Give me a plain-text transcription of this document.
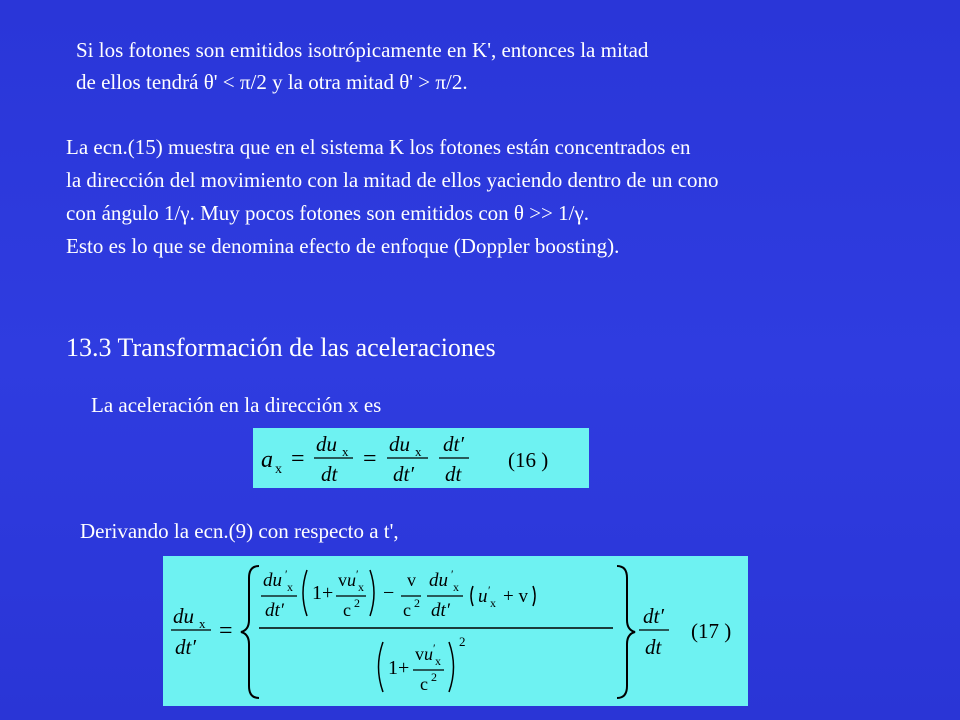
Si los fotones son emitidos isotrópicamente en K', entonces la mitad
de ellos tendrá θ' < π/2 y la otra mitad θ' > π/2.
La ecn.(15) muestra que en el sistema K los fotones están concentrados en
la dirección del movimiento con la mitad de ellos yaciendo dentro de un cono
con ángulo 1/γ. Muy pocos fotones son emitidos con θ >> 1/γ.
Esto es lo que se denomina efecto de enfoque (Doppler boosting).
13.3 Transformación de las aceleraciones
La aceleración en la dirección x es
a x =
du x
dt
=
du x
dt′
dt′
dt
(16 )
Derivando la ecn.(9) con respecto a t',
du x
dt′
=
du ′
x
dt′
1+
v u ′
x
c 2 −
v
c 2
du ′
x
dt′
u ′
x + v
1+
v u ′
x
c 2
2
dt′
dt
(17 )
